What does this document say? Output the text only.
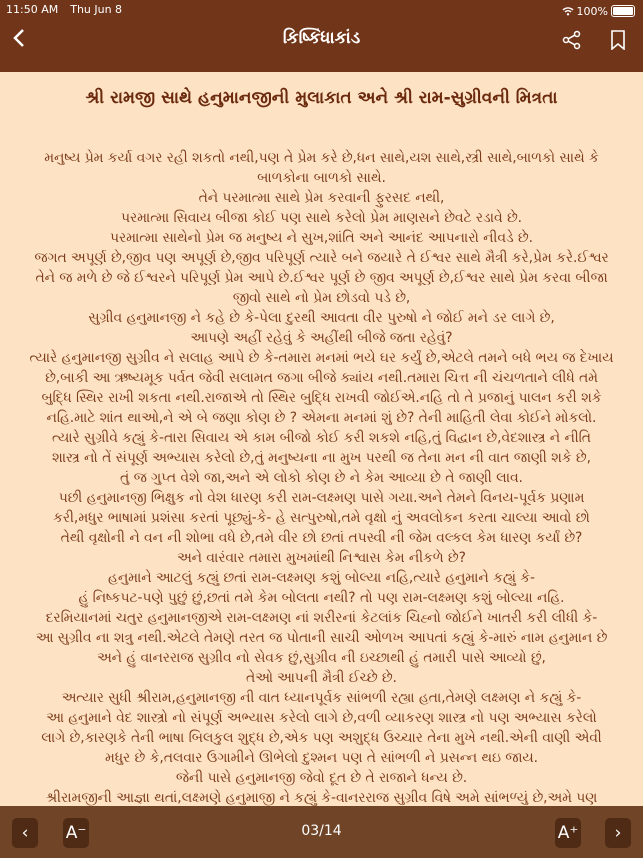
11:50 AM Thu Jun 8	100%
કિષ્કિંધાકાંડ
શ્રી રામજી સાથે હનુમાનજીની મુલાકાત અને શ્રી રામ-સુગ્રીવની મિત્રતા
મનુષ્ય પ્રેમ કર્યા વગર રહી શકતો નથી,પણ તે પ્રેમ કરે છે,ધન સાથે,યશ સાથે,સ્ત્રી સાથે,બાળકો સાથે કે
બાળકોના બાળકો સાથે.
તેને પરમાત્મા સાથે પ્રેમ કરવાની ફુરસદ નથી,
પરમાત્મા સિવાય બીજા કોઈ પણ સાથે કરેલો પ્રેમ માણસને છેવટે રડાવે છે.
પરમાત્મા સાથેનો પ્રેમ જ મનુષ્ય ને સુખ,શાંતિ અને આનંદ આપનારો નીવડે છે.
જગત અપૂર્ણ છે,જીવ પણ અપૂર્ણ છે,જીવ પરિપૂર્ણ ત્યારે બને જયારે તે ઈશ્વર સાથે મૈત્રી કરે,પ્રેમ કરે.ઈશ્વર
તેને જ મળે છે જે ઈશ્વરને પરિપૂર્ણ પ્રેમ આપે છે.ઈશ્વર પૂર્ણ છે જીવ અપૂર્ણ છે,ઈશ્વર સાથે પ્રેમ કરવા બીજા
જીવો સાથે નો પ્રેમ છોડવો પડે છે,
સુગ્રીવ હનુમાનજી ને કહે છે કે-પેલા દુરથી આવતા વીર પુરુષો ને જોઈ મને ડર લાગે છે,
આપણે અહીં રહેવું કે અહીંથી બીજે જતા રહેવું?
ત્યારે હનુમાનજી સુગ્રીવ ને સલાહ આપે છે કે-તમારા મનમાં ભયે ઘર કર્યું છે,એટલે તમને બધે ભય જ દેખાય
છે,બાકી આ ઋષ્યમૂક પર્વત જેવી સલામત જગા બીજે ક્યાંય નથી.તમારા ચિત્ત ની ચંચળતાને લીધે તમે
બુદ્ધિ સ્થિર રાખી શકતા નથી.રાજાએ તો સ્થિર બુદ્ધિ રાખવી જોઈએ.નહિ તો તે પ્રજાનું પાલન કરી શકે
નહિ.માટે શાંત થાઓ,ને એ બે જણા કોણ છે ? એમના મનમાં શું છે? તેની માહિતી લેવા કોઈને મોકલો.
ત્યારે સુગ્રીવે કહ્યું કે-તારા સિવાય એ કામ બીજો કોઈ કરી શકશે નહિ,તું વિદ્વાન છે,વેદશાસ્ત્ર ને નીતિ
શાસ્ત્ર નો તેં સંપૂર્ણ અભ્યાસ કરેલો છે,તું મનુષ્યના ના મુખ પરથી જ તેના મન ની વાત જાણી શકે છે,
તું જ ગુપ્ત વેશે જા,અને એ લોકો કોણ છે ને કેમ આવ્યા છે તે જાણી લાવ.
પછી હનુમાનજી ભિક્ષુક નો વેશ ધારણ કરી રામ-લક્ષ્મણ પાસે ગયા.અને તેમને વિનય-પૂર્વક પ્રણામ
કરી,મધુર ભાષામાં પ્રશંસા કરતાં પૂછ્યું-કે- હે સત્પુરુષો,તમે વૃક્ષો નું અવલોકન કરતા ચાલ્યા આવો છો
તેથી વૃક્ષોની ને વન ની શોભા વધે છે,તમે વીર છો છતાં તપસ્વી ની જેમ વલ્કલ કેમ ધારણ કર્યાં છે?
અને વારંવાર તમારા મુખમાંથી નિશ્વાસ કેમ નીકળે છે?
હનુમાને આટલું કહ્યું છતાં રામ-લક્ષ્મણ કશું બોલ્યા નહિ,ત્યારે હનુમાને કહ્યું કે-
હું નિષ્કપટ-પણે પુછું છું,છતાં તમે કેમ બોલતા નથી? તો પણ રામ-લક્ષ્મણ કશું બોલ્યા નહિ.
દરમિયાનમાં ચતુર હનુમાનજીએ રામ-લક્ષ્મણ નાં શરીરનાં કેટલાંક ચિહ્નો જોઈને ખાતરી કરી લીધી કે-
આ સુગ્રીવ ના શત્રુ નથી.એટલે તેમણે તરત જ પોતાની સાચી ઓળખ આપતાં કહ્યું કે-મારું નામ હનુમાન છે
અને હું વાનરરાજ સુગ્રીવ નો સેવક છું,સુગ્રીવ ની ઇચ્છાથી હું તમારી પાસે આવ્યો છું,
તેઓ આપની મૈત્રી ઈચ્છે છે.
અત્યાર સુધી શ્રીરામ,હનુમાનજી ની વાત ધ્યાનપૂર્વક સાંભળી રહ્યા હતા,તેમણે લક્ષ્મણ ને કહ્યું કે-
આ હનુમાને વેદ શાસ્ત્રો નો સંપૂર્ણ અભ્યાસ કરેલો લાગે છે,વળી વ્યાકરણ શાસ્ત્ર નો પણ અભ્યાસ કરેલો
લાગે છે,કારણકે તેની ભાષા બિલકુલ શુદ્ધ છે,એક પણ અશુદ્ધ ઉચ્ચાર તેના મુખે નથી.એની વાણી એવી
મધુર છે કે,તલવાર ઉગામીને ઊભેલો દુશ્મન પણ તે સાંભળી ને પ્રસન્ન થઇ જાય.
જેની પાસે હનુમાનજી જેવો દૂત છે તે રાજાને ધન્ય છે.
શ્રીરામજીની આજ્ઞા થતાં,લક્ષ્મણે હનુમાજી ને કહ્યું કે-વાનરરાજ સુગ્રીવ વિષે અમે સાંભળ્યું છે,અમે પણ
‹	A⁻	03/14	A⁺	›
